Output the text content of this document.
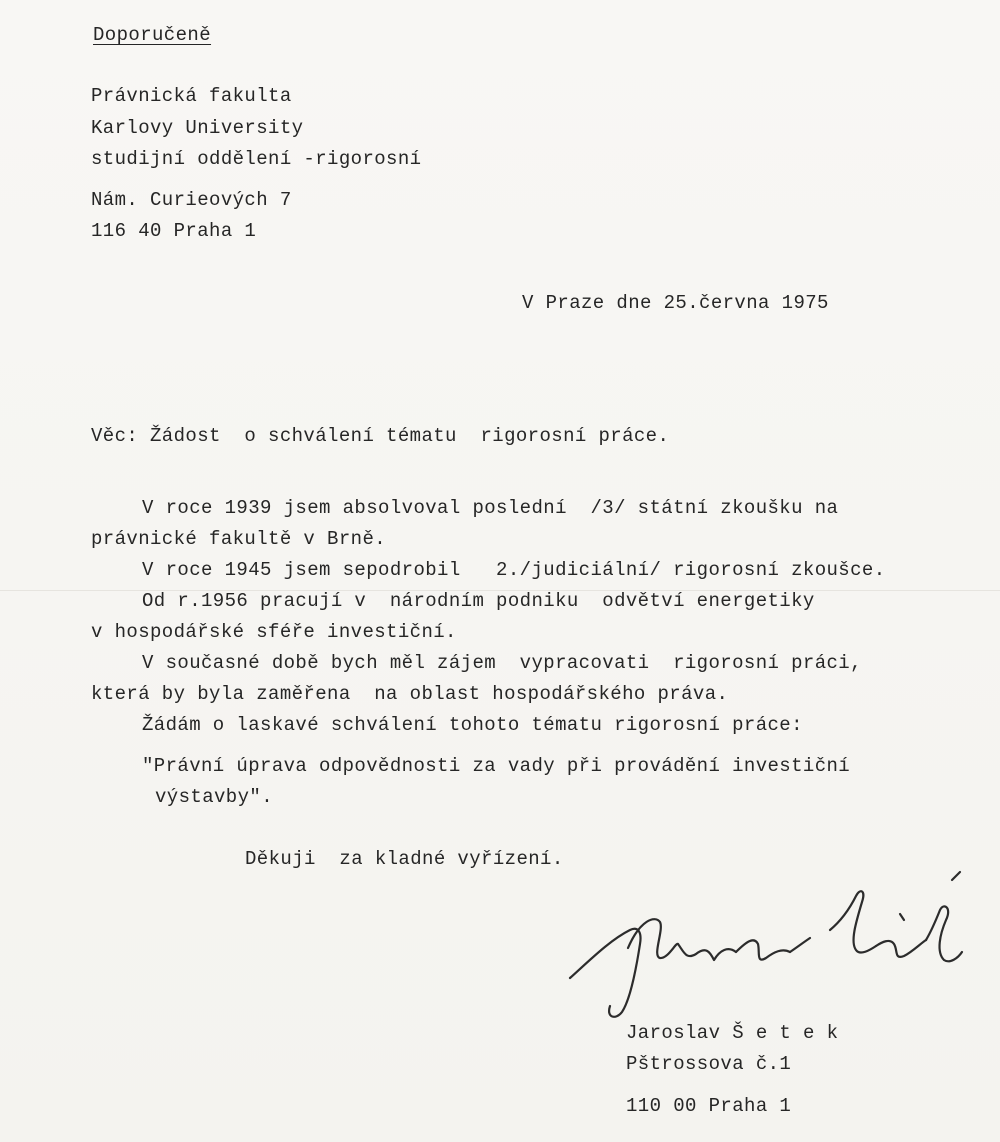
Doporučeně
Právnická fakulta
Karlovy University
studijní oddělení -rigorosní
Nám. Curieových 7
116 40 Praha 1
V Praze dne 25.června 1975
Věc: Žádost  o schválení tématu  rigorosní práce.
V roce 1939 jsem absolvoval poslední  /3/ státní zkoušku na
právnické fakultě v Brně.
V roce 1945 jsem sepodrobil   2./judiciální/ rigorosní zkoušce.
Od r.1956 pracují v  národním podniku  odvětví energetiky
v hospodářské sféře investiční.
V současné době bych měl zájem  vypracovati  rigorosní práci,
která by byla zaměřena  na oblast hospodářského práva.
Žádám o laskavé schválení tohoto tématu rigorosní práce:
"Právní úprava odpovědnosti za vady při provádění investiční
výstavby".
Děkuji  za kladné vyřízení.
Jaroslav Š e t e k
Pštrossova č.1
110 00 Praha 1
